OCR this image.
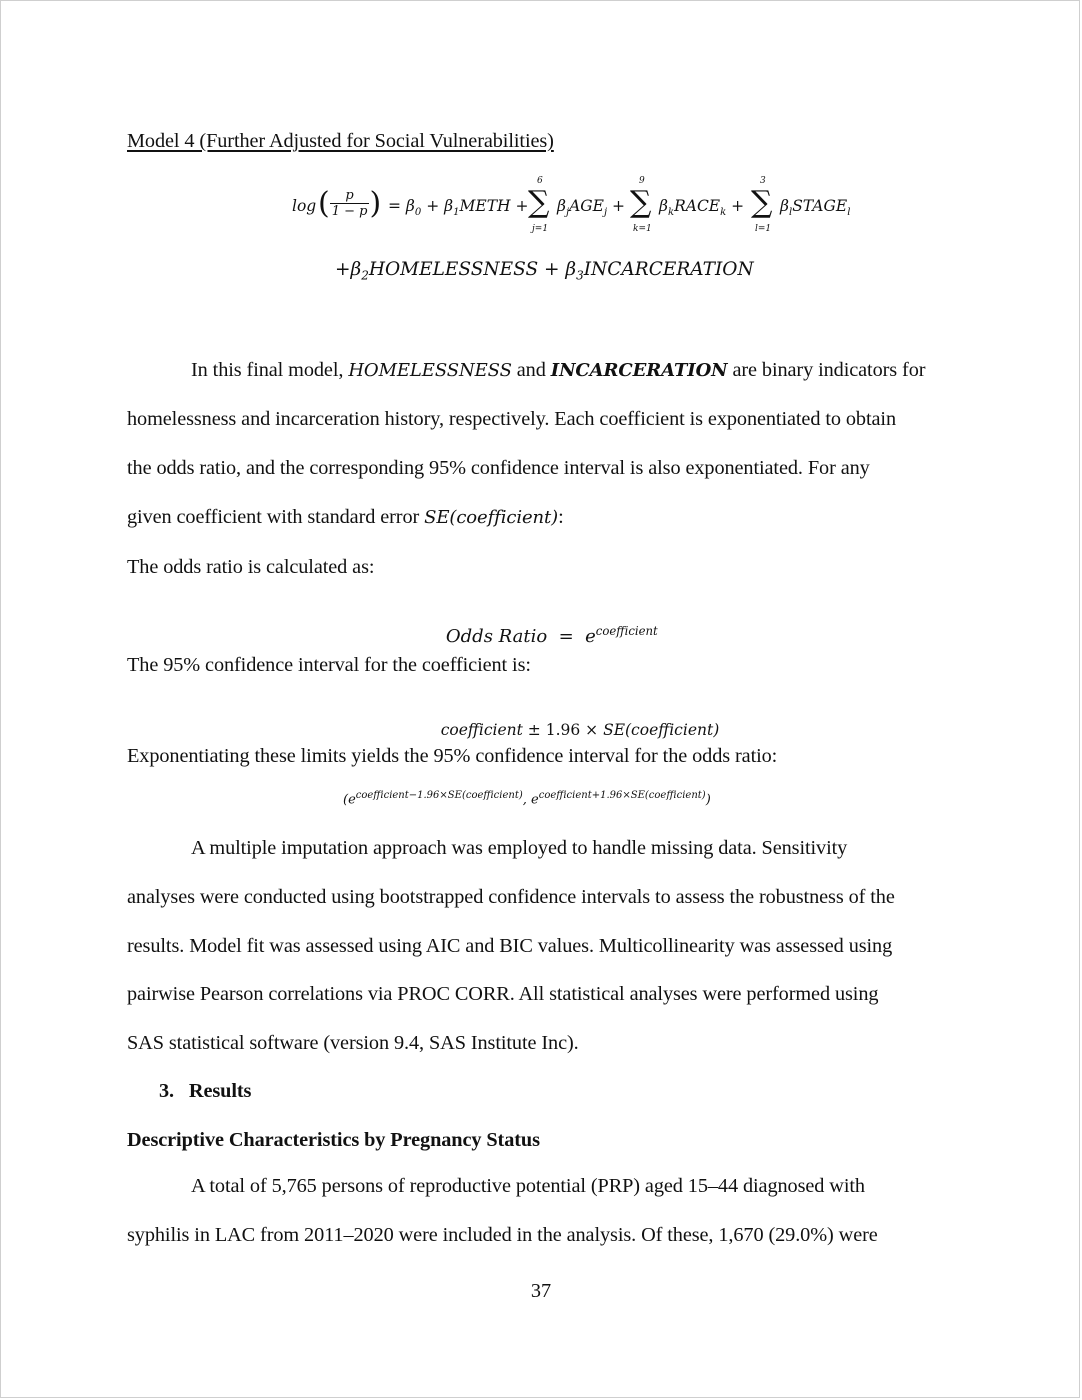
Model 4 (Further Adjusted for Social Vulnerabilities)
log ( $\frac{p}{1 - p}$ ) = $\beta_0$ + $\beta_1METH$ +
6
∑
j=1
$\beta_jAGE_j$ +
9
∑
k=1
$\beta_kRACE_k$ +
3
∑
l=1
$\beta_lSTAGE_l$
$+\beta_2HOMELESSNESS$ + $\beta_3INCARCERATION$
In this final model, HOMELESSNESS and INCARCERATION are binary indicators for
homelessness and incarceration history, respectively. Each coefficient is exponentiated to obtain
the odds ratio, and the corresponding 95% confidence interval is also exponentiated. For any
given coefficient with standard error SE(coefficient):
The odds ratio is calculated as:

Odds Ratio  =  $e^{coefficient}$

The 95% confidence interval for the coefficient is:

coefficient ± 1.96 × SE(coefficient)

Exponentiating these limits yields the 95% confidence interval for the odds ratio:
($e^{coefficient-1.96\times SE(coefficient)}$, $e^{coefficient+1.96\times SE(coefficient)}$)
A multiple imputation approach was employed to handle missing data. Sensitivity
analyses were conducted using bootstrapped confidence intervals to assess the robustness of the
results. Model fit was assessed using AIC and BIC values. Multicollinearity was assessed using
pairwise Pearson correlations via PROC CORR. All statistical analyses were performed using
SAS statistical software (version 9.4, SAS Institute Inc).
3.   Results
Descriptive Characteristics by Pregnancy Status
A total of 5,765 persons of reproductive potential (PRP) aged 15–44 diagnosed with
syphilis in LAC from 2011–2020 were included in the analysis. Of these, 1,670 (29.0%) were
37
